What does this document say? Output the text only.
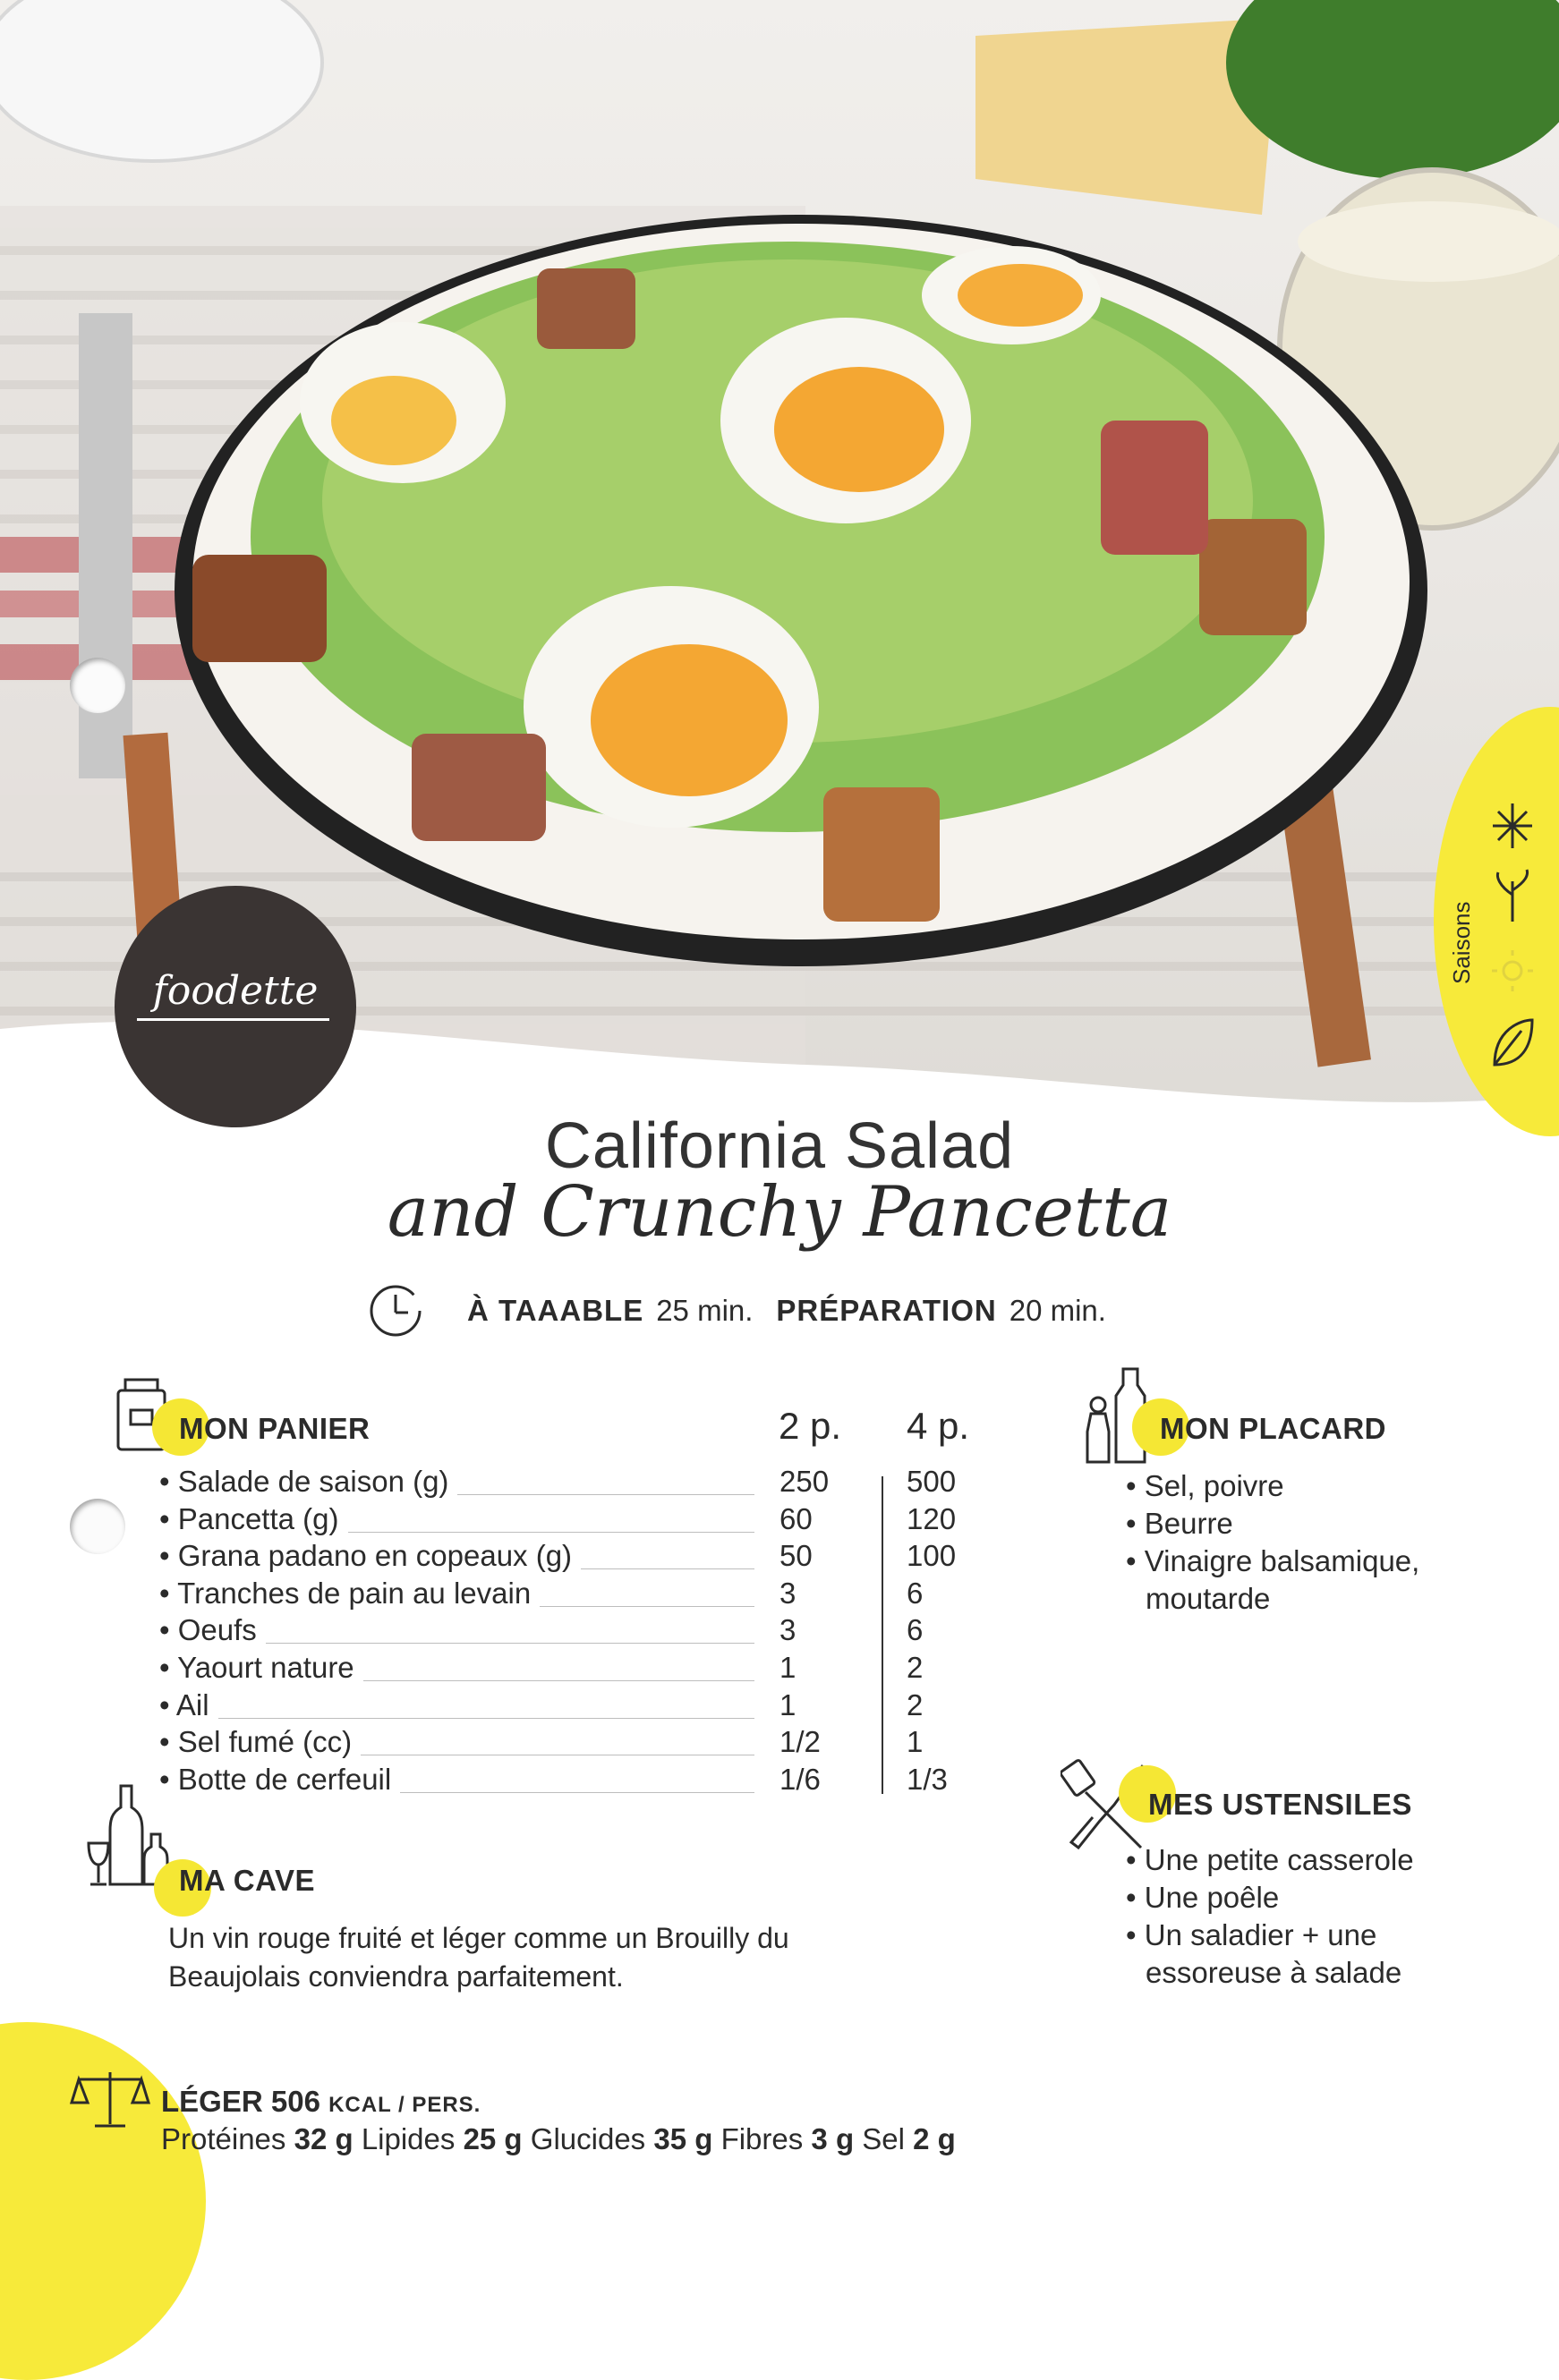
Saisons
foodette
California Salad
and Crunchy Pancetta
À TAAABLE 25 min. PRÉPARATION 20 min.
MON PANIER	2 p. 4 p.
• Salade de saison (g)	250	500
• Pancetta (g)	60	120
• Grana padano en copeaux (g)	50	100
• Tranches de pain au levain	3	6
• Oeufs	3	6
• Yaourt nature	1	2
• Ail	1	2
• Sel fumé (cc)	1/2	1
• Botte de cerfeuil	1/6	1/3
MON PLACARD
• Sel, poivre
• Beurre
• Vinaigre balsamique,
moutarde
MA CAVE
Un vin rouge fruité et léger comme un Brouilly du
Beaujolais conviendra parfaitement.
MES USTENSILES
• Une petite casserole
• Une poêle
• Un saladier + une
essoreuse à salade
LÉGER 506 KCAL / PERS.
Protéines 32 g Lipides 25 g Glucides 35 g Fibres 3 g Sel 2 g
